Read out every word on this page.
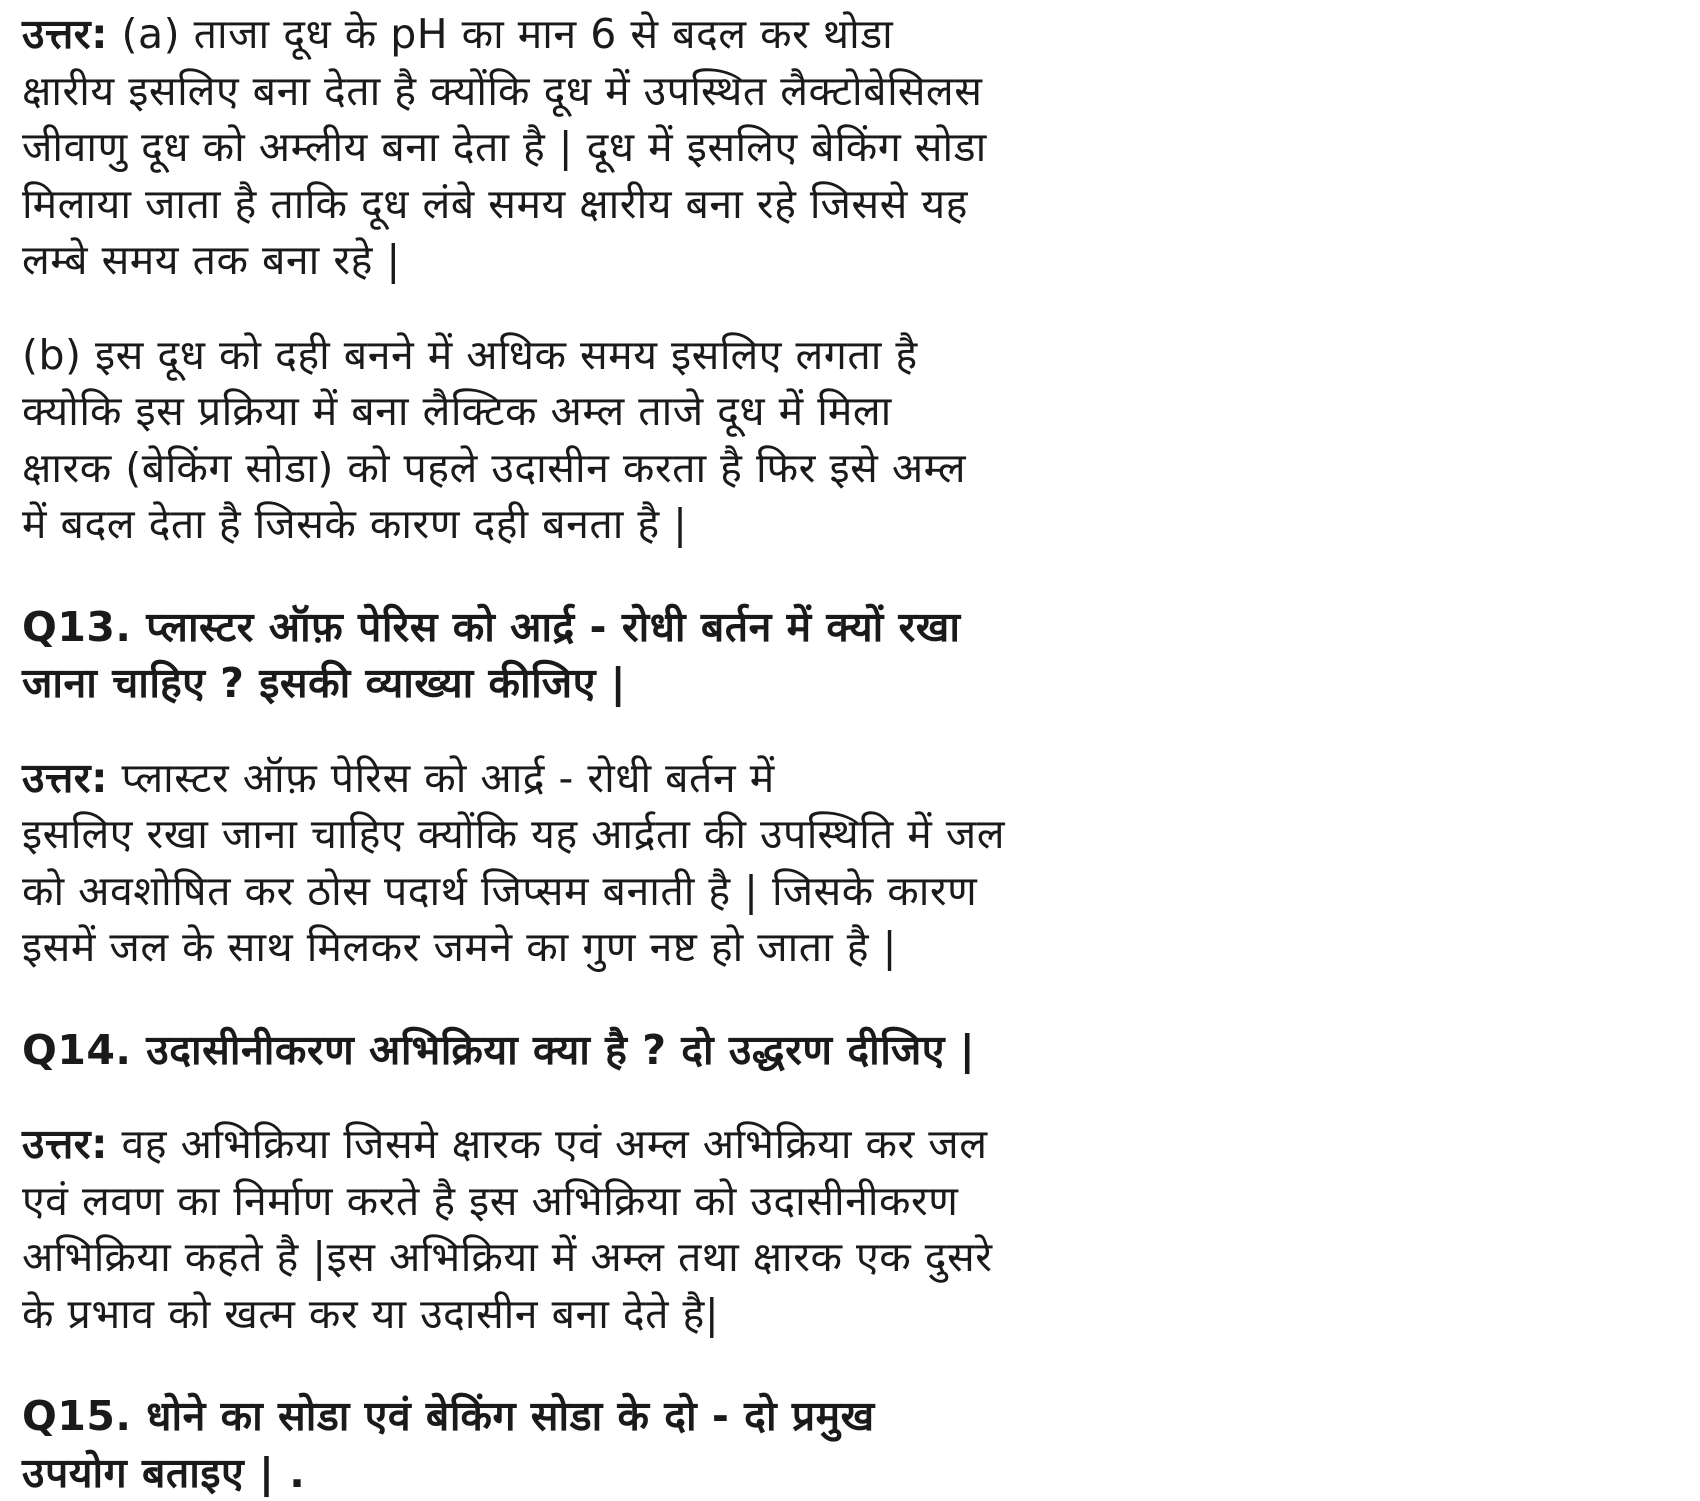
उत्तर: (a) ताजा दूध के pH का मान 6 से बदल कर थोडा
क्षारीय इसलिए बना देता है क्योंकि दूध में उपस्थित लैक्टोबेसिलस
जीवाणु दूध को अम्लीय बना देता है | दूध में इसलिए बेकिंग सोडा
मिलाया जाता है ताकि दूध लंबे समय क्षारीय बना रहे जिससे यह
लम्बे समय तक बना रहे |
(b) इस दूध को दही बनने में अधिक समय इसलिए लगता है
क्योकि इस प्रक्रिया में बना लैक्टिक अम्ल ताजे दूध में मिला
क्षारक (बेकिंग सोडा) को पहले उदासीन करता है फिर इसे अम्ल
में बदल देता है जिसके कारण दही बनता है |
Q13. प्लास्टर ऑफ़ पेरिस को आर्द्र - रोधी बर्तन में क्यों रखा
जाना चाहिए ? इसकी व्याख्या कीजिए |
उत्तर: प्लास्टर ऑफ़ पेरिस को आर्द्र - रोधी बर्तन में
इसलिए रखा जाना चाहिए क्योंकि यह आर्द्रता की उपस्थिति में जल
को अवशोषित कर ठोस पदार्थ जिप्सम बनाती है | जिसके कारण
इसमें जल के साथ मिलकर जमने का गुण नष्ट हो जाता है |
Q14. उदासीनीकरण अभिक्रिया क्या है ? दो उद्धरण दीजिए |
उत्तर: वह अभिक्रिया जिसमे क्षारक एवं अम्ल अभिक्रिया कर जल
एवं लवण का निर्माण करते है इस अभिक्रिया को उदासीनीकरण
अभिक्रिया कहते है |इस अभिक्रिया में अम्ल तथा क्षारक एक दुसरे
के प्रभाव को खत्म कर या उदासीन बना देते है|
Q15. धोने का सोडा एवं बेकिंग सोडा के दो - दो प्रमुख
उपयोग बताइए | .
